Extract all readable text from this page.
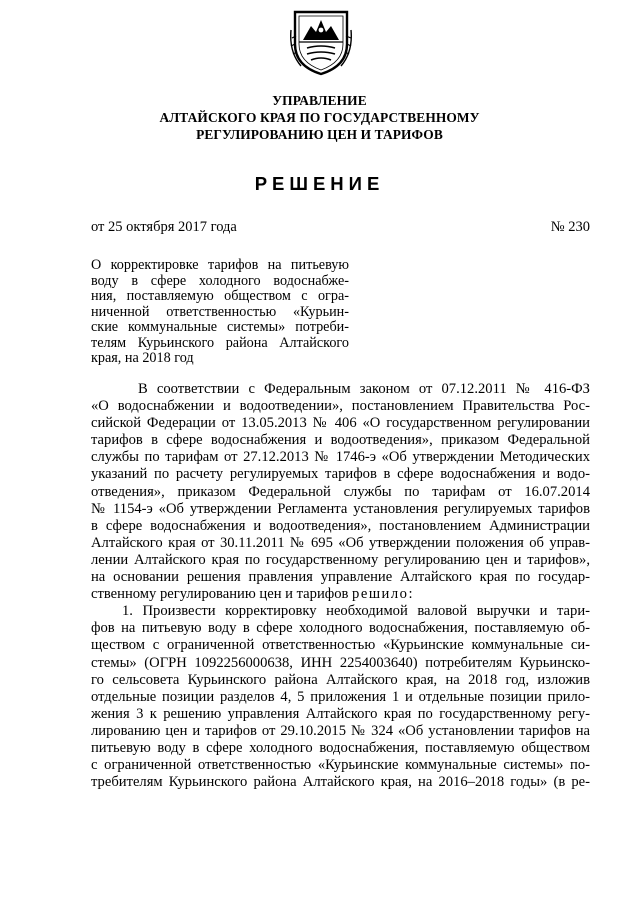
УПРАВЛЕНИЕ
АЛТАЙСКОГО КРАЯ ПО ГОСУДАРСТВЕННОМУ
РЕГУЛИРОВАНИЮ ЦЕН И ТАРИФОВ
РЕШЕНИЕ
от 25 октября 2017 года	№ 230
О корректировке тарифов на питьевую
воду в сфере холодного водоснабже-
ния, поставляемую обществом с огра-
ниченной ответственностью «Курьин-
ские коммунальные системы» потреби-
телям Курьинского района Алтайского
края, на 2018 год
В соответствии с Федеральным законом от 07.12.2011 № 416-ФЗ
«О водоснабжении и водоотведении», постановлением Правительства Рос-
сийской Федерации от 13.05.2013 № 406 «О государственном регулировании
тарифов в сфере водоснабжения и водоотведения», приказом Федеральной
службы по тарифам от 27.12.2013 № 1746-э «Об утверждении Методических
указаний по расчету регулируемых тарифов в сфере водоснабжения и водо-
отведения», приказом Федеральной службы по тарифам от 16.07.2014
№ 1154-э «Об утверждении Регламента установления регулируемых тарифов
в сфере водоснабжения и водоотведения», постановлением Администрации
Алтайского края от 30.11.2011 № 695 «Об утверждении положения об управ-
лении Алтайского края по государственному регулированию цен и тарифов»,
на основании решения правления управление Алтайского края по государ-
ственному регулированию цен и тарифов решило:
1. Произвести корректировку необходимой валовой выручки и тари-
фов на питьевую воду в сфере холодного водоснабжения, поставляемую об-
ществом с ограниченной ответственностью «Курьинские коммунальные си-
стемы» (ОГРН 1092256000638, ИНН 2254003640) потребителям Курьинско-
го сельсовета Курьинского района Алтайского края, на 2018 год, изложив
отдельные позиции разделов 4, 5 приложения 1 и отдельные позиции прило-
жения 3 к решению управления Алтайского края по государственному регу-
лированию цен и тарифов от 29.10.2015 № 324 «Об установлении тарифов на
питьевую воду в сфере холодного водоснабжения, поставляемую обществом
с ограниченной ответственностью «Курьинские коммунальные системы» по-
требителям Курьинского района Алтайского края, на 2016–2018 годы» (в ре-
